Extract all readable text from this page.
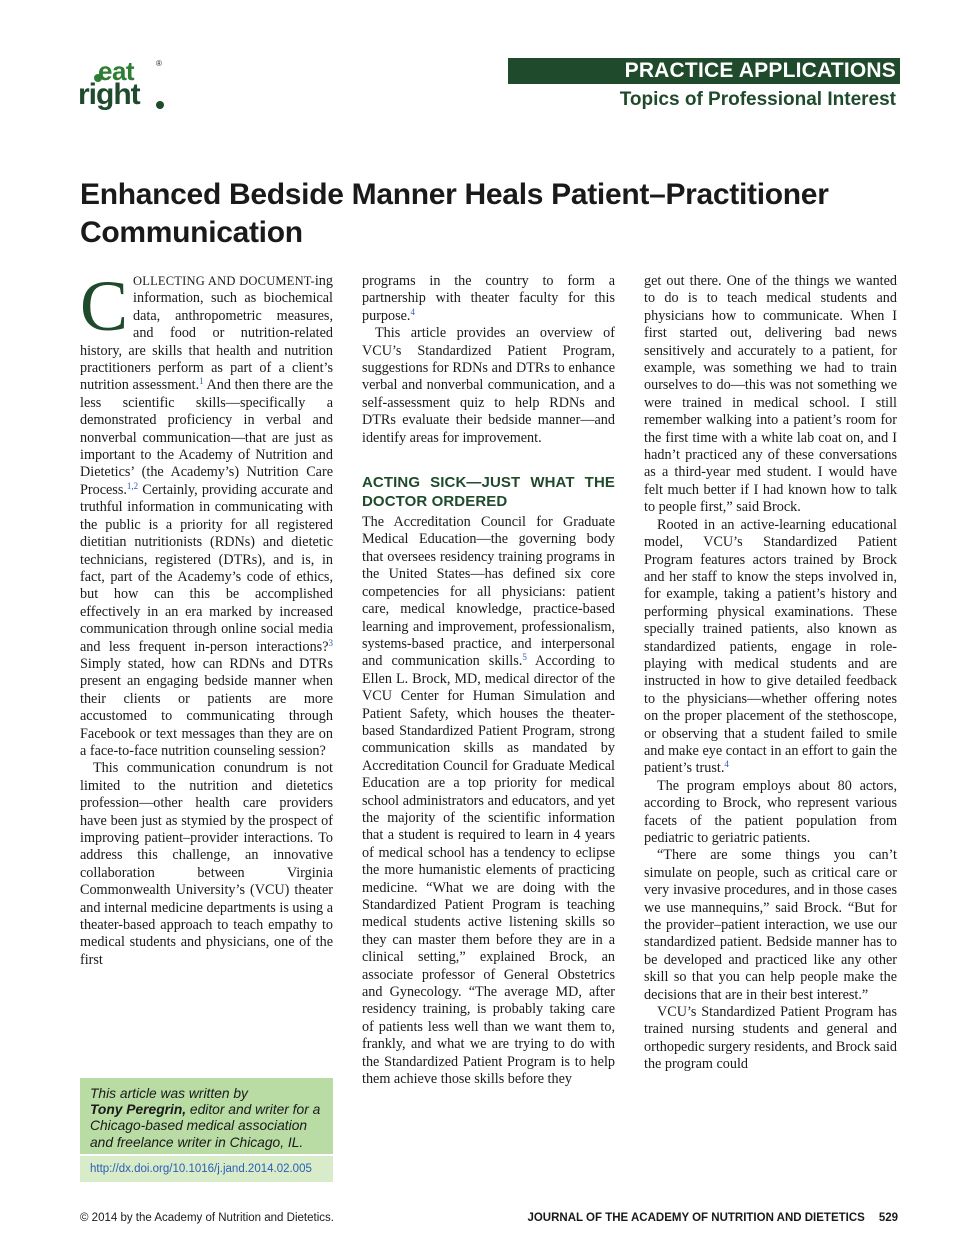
eat	®
right
PRACTICE APPLICATIONS
Topics of Professional Interest
Enhanced Bedside Manner Heals Patient–Practitioner
Communication

COLLECTING AND DOCUMENT-ing information, such as biochemical data, anthropometric measures, and food or nutrition-related history, are skills that health and nutrition practitioners perform as part of a client’s nutrition assessment.$^1$ And then there are the less scientific skills—specifically a demonstrated proficiency in verbal and nonverbal communication—that are just as important to the Academy of Nutrition and Dietetics’ (the Academy’s) Nutrition Care Process.$^{1,2}$ Certainly, providing accurate and truthful information in communicating with the public is a priority for all registered dietitian nutritionists (RDNs) and dietetic technicians, registered (DTRs), and is, in fact, part of the Academy’s code of ethics, but how can this be accomplished effectively in an era marked by increased communication through online social media and less frequent in-person interactions?$^3$ Simply stated, how can RDNs and DTRs present an engaging bedside manner when their clients or patients are more accustomed to communicating through Facebook or text messages than they are on a face-to-face nutrition counseling session?

This communication conundrum is not limited to the nutrition and dietetics profession—other health care providers have been just as stymied by the prospect of improving patient–provider interactions. To address this challenge, an innovative collaboration between Virginia Commonwealth University’s (VCU) theater and internal medicine departments is using a theater-based approach to teach empathy to medical students and physicians, one of the first

This article was written by
Tony Peregrin, editor and writer for a Chicago-based medical association and freelance writer in Chicago, IL.
http://dx.doi.org/10.1016/j.jand.2014.02.005

programs in the country to form a partnership with theater faculty for this purpose.$^4$

This article provides an overview of VCU’s Standardized Patient Program, suggestions for RDNs and DTRs to enhance verbal and nonverbal communication, and a self-assessment quiz to help RDNs and DTRs evaluate their bedside manner—and identify areas for improvement.

ACTING SICK—JUST WHAT THE DOCTOR ORDERED

The Accreditation Council for Graduate Medical Education—the governing body that oversees residency training programs in the United States—has defined six core competencies for all physicians: patient care, medical knowledge, practice-based learning and improvement, professionalism, systems-based practice, and interpersonal and communication skills.$^5$ According to Ellen L. Brock, MD, medical director of the VCU Center for Human Simulation and Patient Safety, which houses the theater-based Standardized Patient Program, strong communication skills as mandated by Accreditation Council for Graduate Medical Education are a top priority for medical school administrators and educators, and yet the majority of the scientific information that a student is required to learn in 4 years of medical school has a tendency to eclipse the more humanistic elements of practicing medicine. “What we are doing with the Standardized Patient Program is teaching medical students active listening skills so they can master them before they are in a clinical setting,” explained Brock, an associate professor of General Obstetrics and Gynecology. “The average MD, after residency training, is probably taking care of patients less well than we want them to, frankly, and what we are trying to do with the Standardized Patient Program is to help them achieve those skills before they

get out there. One of the things we wanted to do is to teach medical students and physicians how to communicate. When I first started out, delivering bad news sensitively and accurately to a patient, for example, was something we had to train ourselves to do—this was not something we were trained in medical school. I still remember walking into a patient’s room for the first time with a white lab coat on, and I hadn’t practiced any of these conversations as a third-year med student. I would have felt much better if I had known how to talk to people first,” said Brock.

Rooted in an active-learning educational model, VCU’s Standardized Patient Program features actors trained by Brock and her staff to know the steps involved in, for example, taking a patient’s history and performing physical examinations. These specially trained patients, also known as standardized patients, engage in role-playing with medical students and are instructed in how to give detailed feedback to the physicians—whether offering notes on the proper placement of the stethoscope, or observing that a student failed to smile and make eye contact in an effort to gain the patient’s trust.$^4$

The program employs about 80 actors, according to Brock, who represent various facets of the patient population from pediatric to geriatric patients.

“There are some things you can’t simulate on people, such as critical care or very invasive procedures, and in those cases we use mannequins,” said Brock. “But for the provider–patient interaction, we use our standardized patient. Bedside manner has to be developed and practiced like any other skill so that you can help people make the decisions that are in their best interest.”

VCU’s Standardized Patient Program has trained nursing students and general and orthopedic surgery residents, and Brock said the program could

© 2014 by the Academy of Nutrition and Dietetics.	JOURNAL OF THE ACADEMY OF NUTRITION AND DIETETICS 529
